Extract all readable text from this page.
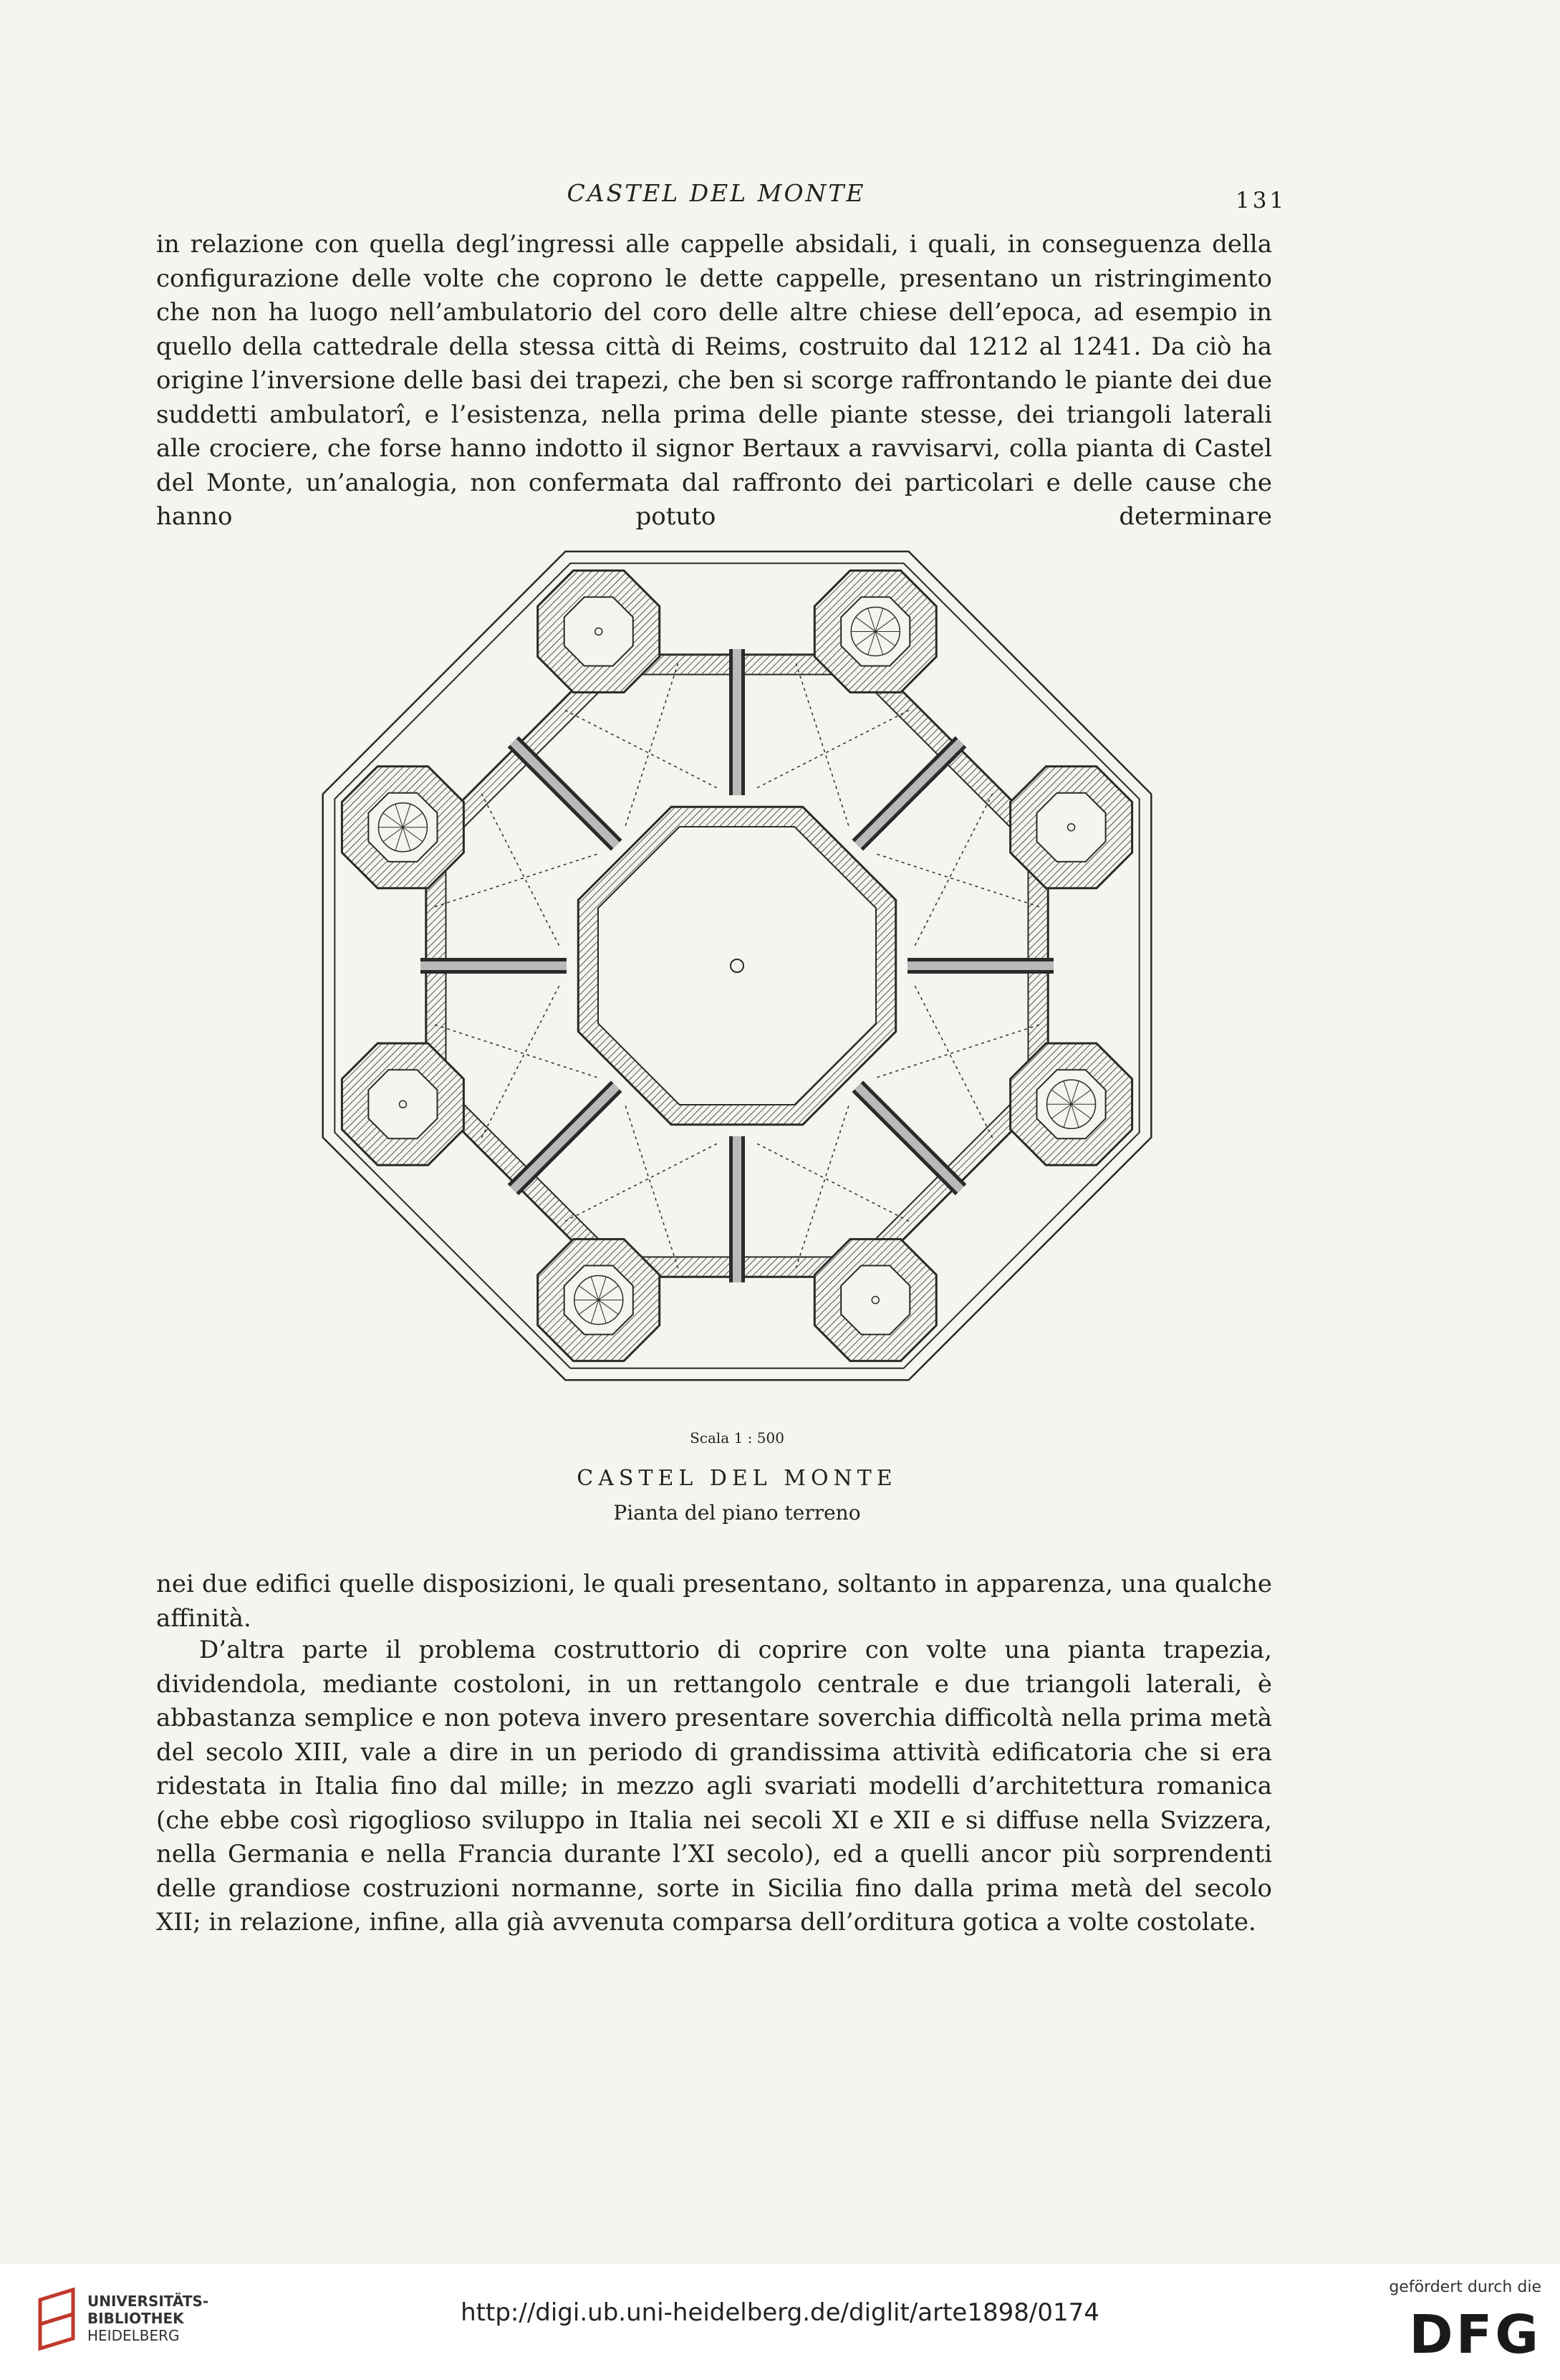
CASTEL DEL MONTE	131

in relazione con quella degl’ingressi alle cappelle absidali, i quali, in conseguenza della configurazione delle volte che coprono le dette cappelle, presentano un ristringimento che non ha luogo nell’ambulatorio del coro delle altre chiese dell’epoca, ad esempio in quello della cattedrale della stessa città di Reims, costruito dal 1212 al 1241. Da ciò ha origine l’inversione delle basi dei trapezi, che ben si scorge raffrontando le piante dei due suddetti ambulatorî, e l’esistenza, nella prima delle piante stesse, dei triangoli laterali alle crociere, che forse hanno indotto il signor Bertaux a ravvisarvi, colla pianta di Castel del Monte, un’analogia, non confermata dal raffronto dei particolari e delle cause che hanno potuto determinare

Scala 1 : 500
CASTEL DEL MONTE
Pianta del piano terreno

nei due edifici quelle disposizioni, le quali presentano, soltanto in apparenza, una qualche affinità.

D’altra parte il problema costruttorio di coprire con volte una pianta trapezia, dividendola, mediante costoloni, in un rettangolo centrale e due triangoli laterali, è abbastanza semplice e non poteva invero presentare soverchia difficoltà nella prima metà del secolo XIII, vale a dire in un periodo di grandissima attività edificatoria che si era ridestata in Italia fino dal mille; in mezzo agli svariati modelli d’architettura romanica (che ebbe così rigoglioso sviluppo in Italia nei secoli XI e XII e si diffuse nella Svizzera, nella Germania e nella Francia durante l’XI secolo), ed a quelli ancor più sorprendenti delle grandiose costruzioni normanne, sorte in Sicilia fino dalla prima metà del secolo XII; in relazione, infine, alla già avvenuta comparsa dell’orditura gotica a volte costolate.

UNIVERSITÄTS-
BIBLIOTHEK
HEIDELBERG
http://digi.ub.uni-heidelberg.de/diglit/arte1898/0174
gefördert durch die
DFG
